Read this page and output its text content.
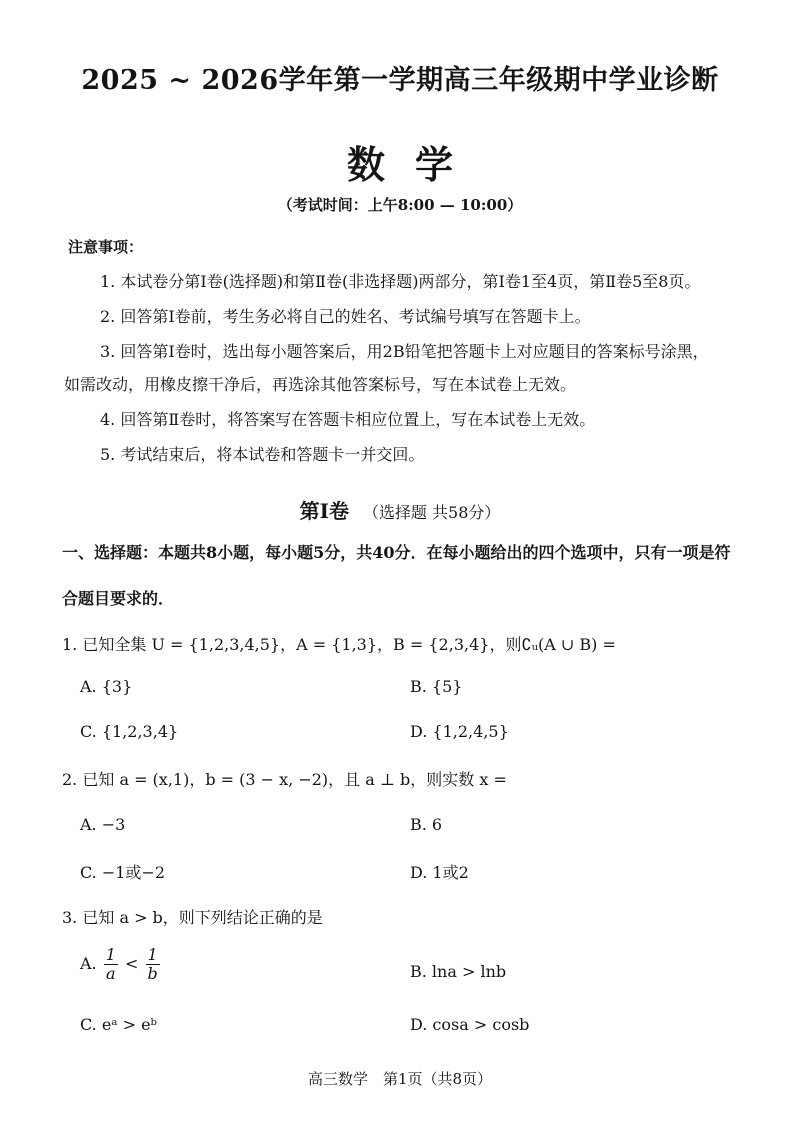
2025 ~ 2026学年第一学期高三年级期中学业诊断
数学
（考试时间：上午8:00 — 10:00）
注意事项：
1. 本试卷分第Ⅰ卷(选择题)和第Ⅱ卷(非选择题)两部分，第Ⅰ卷1至4页，第Ⅱ卷5至8页。
2. 回答第Ⅰ卷前，考生务必将自己的姓名、考试编号填写在答题卡上。
3. 回答第Ⅰ卷时，选出每小题答案后，用2B铅笔把答题卡上对应题目的答案标号涂黑，
如需改动，用橡皮擦干净后，再选涂其他答案标号，写在本试卷上无效。
4. 回答第Ⅱ卷时，将答案写在答题卡相应位置上，写在本试卷上无效。
5. 考试结束后，将本试卷和答题卡一并交回。
第Ⅰ卷 （选择题 共58分）
一、选择题：本题共8小题，每小题5分，共40分．在每小题给出的四个选项中，只有一项是符
合题目要求的．
1. 已知全集 U = {1,2,3,4,5}，A = {1,3}，B = {2,3,4}，则∁ᵤ(A ∪ B) =
A. {3}	B. {5}
C. {1,2,3,4}	D. {1,2,4,5}
2. 已知 a = (x,1)，b = (3 − x, −2)，且 a ⊥ b，则实数 x =
A. −3	B. 6
C. −1或−2	D. 1或2
3. 已知 a > b，则下列结论正确的是
A. $\frac{1}{a} < \frac{1}{b}$	B. lna > lnb
C. eᵃ > eᵇ	D. cosa > cosb
高三数学　第1页（共8页）
